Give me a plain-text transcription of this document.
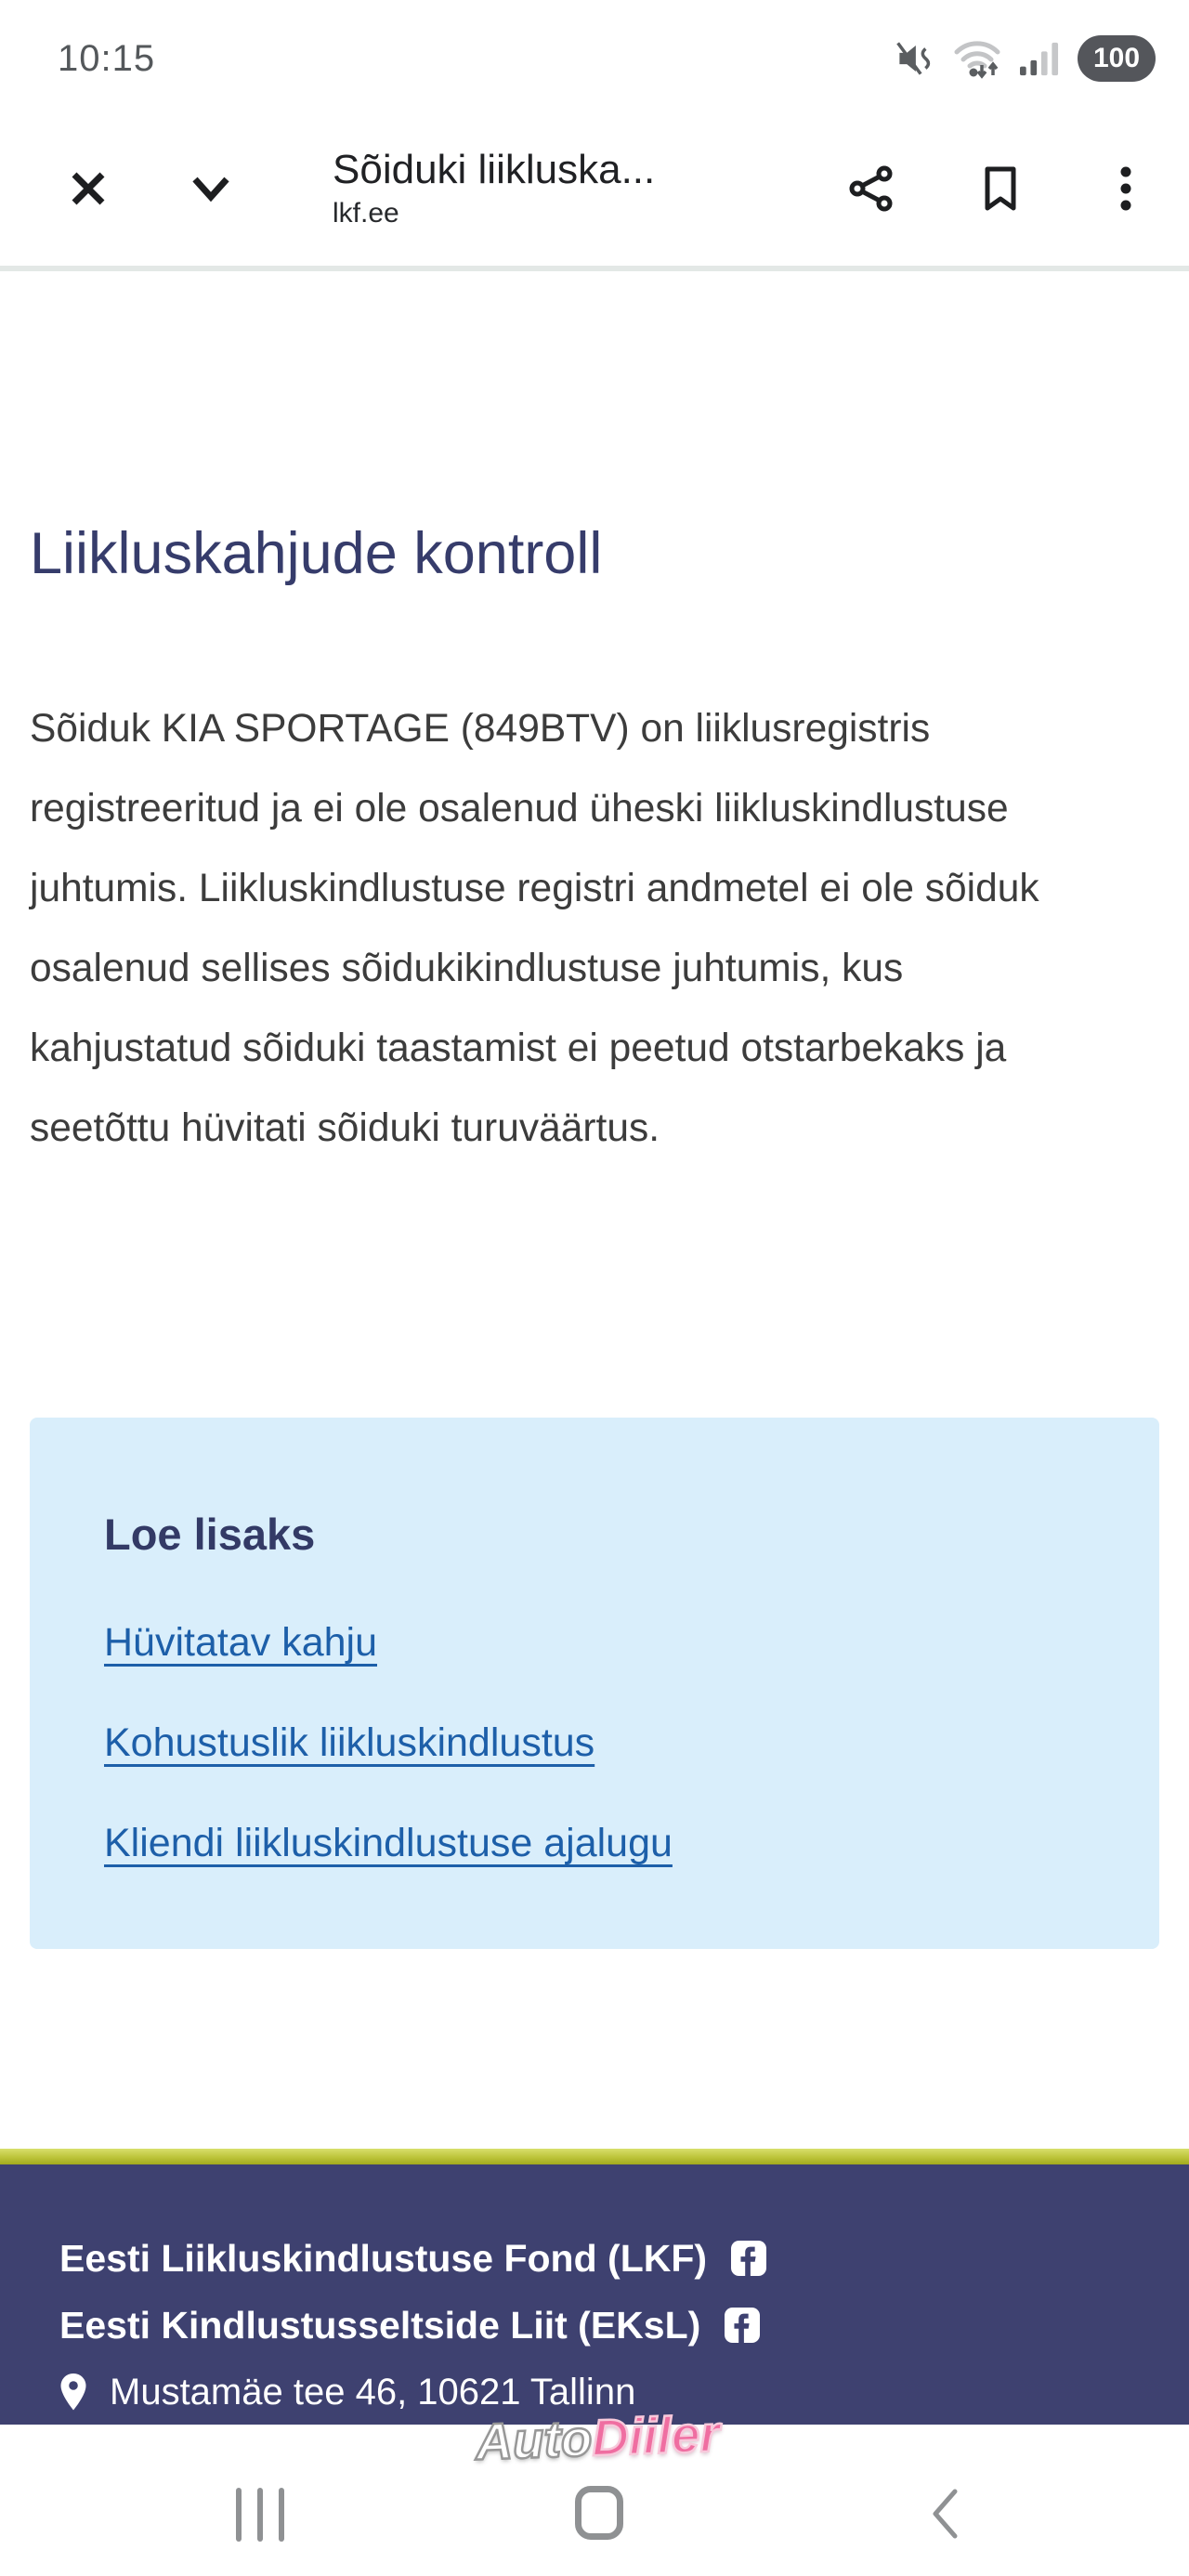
10:15	100
Sõiduki liikluska...
lkf.ee
Liikluskahjude kontroll

Sõiduk KIA SPORTAGE (849BTV) on liiklusregistris registreeritud ja ei ole osalenud üheski liikluskindlustuse juhtumis. Liikluskindlustuse registri andmetel ei ole sõiduk osalenud sellises sõidukikindlustuse juhtumis, kus kahjustatud sõiduki taastamist ei peetud otstarbekaks ja seetõttu hüvitati sõiduki turuväärtus.

Loe lisaks
Hüvitatav kahju
Kohustuslik liikluskindlustus
Kliendi liikluskindlustuse ajalugu
Eesti Liikluskindlustuse Fond (LKF)
Eesti Kindlustusseltside Liit (EKsL)
Mustamäe tee 46, 10621 Tallinn
AutoDiiler
